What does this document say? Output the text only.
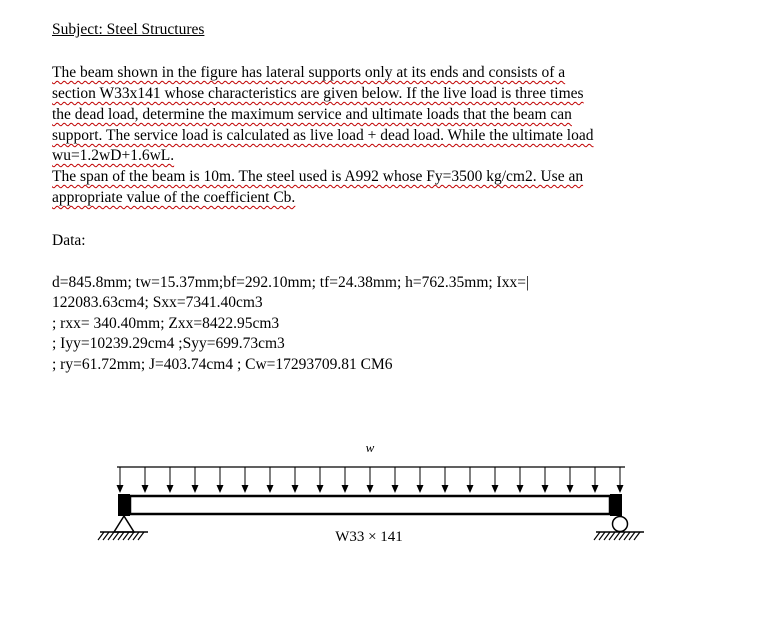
Subject: Steel Structures
The beam shown in the figure has lateral supports only at its ends and consists of a
section W33x141 whose characteristics are given below. If the live load is three times
the dead load, determine the maximum service and ultimate loads that the beam can
support. The service load is calculated as live load + dead load. While the ultimate load
wu=1.2wD+1.6wL.
The span of the beam is 10m. The steel used is A992 whose Fy=3500 kg/cm2. Use an
appropriate value of the coefficient Cb.
Data:
d=845.8mm; tw=15.37mm;bf=292.10mm; tf=24.38mm; h=762.35mm; Ixx=|
122083.63cm4; Sxx=7341.40cm3
; rxx= 340.40mm; Zxx=8422.95cm3
; Iyy=10239.29cm4 ;Syy=699.73cm3
; ry=61.72mm; J=403.74cm4 ; Cw=17293709.81 CM6
w
W33 × 141
